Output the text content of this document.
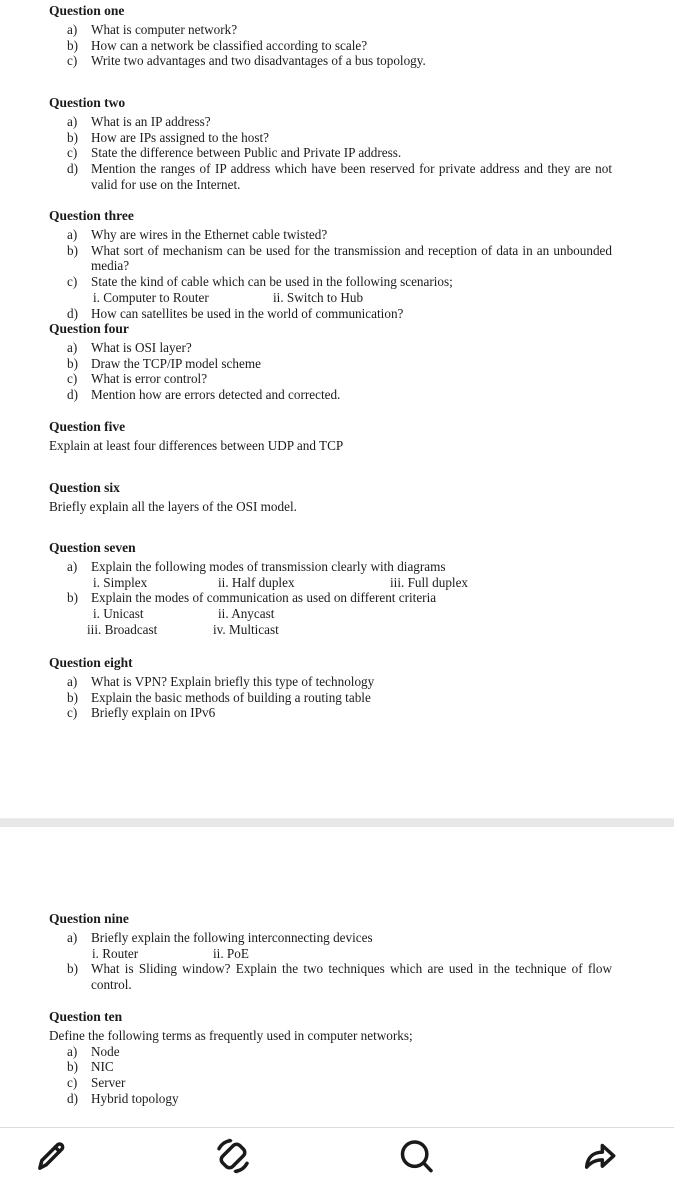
Question one
a) What is computer network?
b) How can a network be classified according to scale?
c) Write two advantages and two disadvantages of a bus topology.
Question two
a) What is an IP address?
b) How are IPs assigned to the host?
c) State the difference between Public and Private IP address.
d) Mention the ranges of IP address which have been reserved for private address and they are not valid for use on the Internet.
Question three
a) Why are wires in the Ethernet cable twisted?
b) What sort of mechanism can be used for the transmission and reception of data in an unbounded media?
c) State the kind of cable which can be used in the following scenarios;
i. Computer to Router	ii. Switch to Hub
d) How can satellites be used in the world of communication?
Question four
a) What is OSI layer?
b) Draw the TCP/IP model scheme
c) What is error control?
d) Mention how are errors detected and corrected.
Question five
Explain at least four differences between UDP and TCP
Question six
Briefly explain all the layers of the OSI model.
Question seven
a) Explain the following modes of transmission clearly with diagrams
i. Simplex	ii. Half duplex	iii. Full duplex
b) Explain the modes of communication as used on different criteria
i. Unicast	ii. Anycast
iii. Broadcast	iv. Multicast
Question eight
a) What is VPN? Explain briefly this type of technology
b) Explain the basic methods of building a routing table
c) Briefly explain on IPv6
Question nine
a) Briefly explain the following interconnecting devices
i. Router	ii. PoE
b) What is Sliding window? Explain the two techniques which are used in the technique of flow control.
Question ten
Define the following terms as frequently used in computer networks;
a) Node
b) NIC
c) Server
d) Hybrid topology
